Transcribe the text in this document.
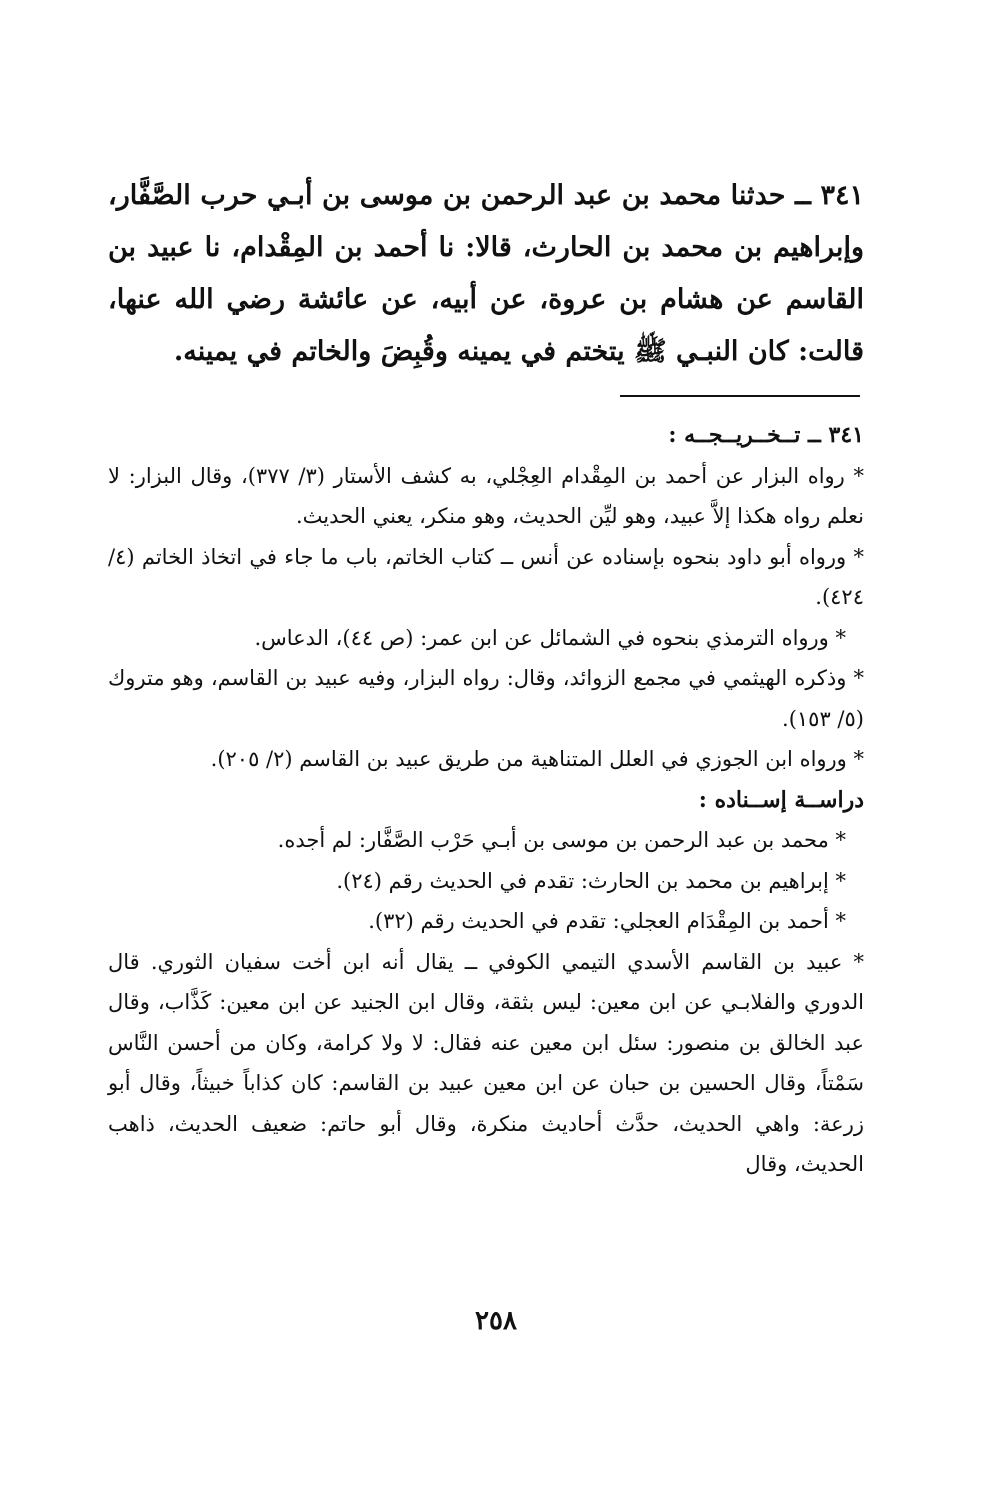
٣٤١ ــ حدثنا محمد بن عبد الرحمن بن موسى بن أبـي حرب الصَّفَّار، وإبراهيم بن محمد بن الحارث، قالا: نا أحمد بن المِقْدام، نا عبيد بن القاسم عن هشام بن عروة، عن أبيه، عن عائشة رضي الله عنها، قالت: كان النبـي ﷺ يتختم في يمينه وقُبِضَ والخاتم في يمينه.

٣٤١ ــ تــخــريــجــه :

* رواه البزار عن أحمد بن المِقْدام العِجْلي، به كشف الأستار (٣/ ٣٧٧)، وقال البزار: لا نعلم رواه هكذا إلاَّ عبيد، وهو ليِّن الحديث، وهو منكر، يعني الحديث.

* ورواه أبو داود بنحوه بإسناده عن أنس ــ كتاب الخاتم، باب ما جاء في اتخاذ الخاتم (٤/ ٤٢٤).

* ورواه الترمذي بنحوه في الشمائل عن ابن عمر: (ص ٤٤)، الدعاس.

* وذكره الهيثمي في مجمع الزوائد، وقال: رواه البزار، وفيه عبيد بن القاسم، وهو متروك (٥/ ١٥٣).

* ورواه ابن الجوزي في العلل المتناهية من طريق عبيد بن القاسم (٢/ ٢٠٥).

دراســة إســناده :

* محمد بن عبد الرحمن بن موسى بن أبـي حَرْب الصَّفَّار: لم أجده.

* إبراهيم بن محمد بن الحارث: تقدم في الحديث رقم (٢٤).

* أحمد بن المِقْدَام العجلي: تقدم في الحديث رقم (٣٢).

* عبيد بن القاسم الأسدي التيمي الكوفي ــ يقال أنه ابن أخت سفيان الثوري. قال الدوري والفلابـي عن ابن معين: ليس بثقة، وقال ابن الجنيد عن ابن معين: كَذَّاب، وقال عبد الخالق بن منصور: سئل ابن معين عنه فقال: لا ولا كرامة، وكان من أحسن النَّاس سَمْتاً، وقال الحسين بن حبان عن ابن معين عبيد بن القاسم: كان كذاباً خبيثاً، وقال أبو زرعة: واهي الحديث، حدَّث أحاديث منكرة، وقال أبو حاتم: ضعيف الحديث، ذاهب الحديث، وقال

٢٥٨
